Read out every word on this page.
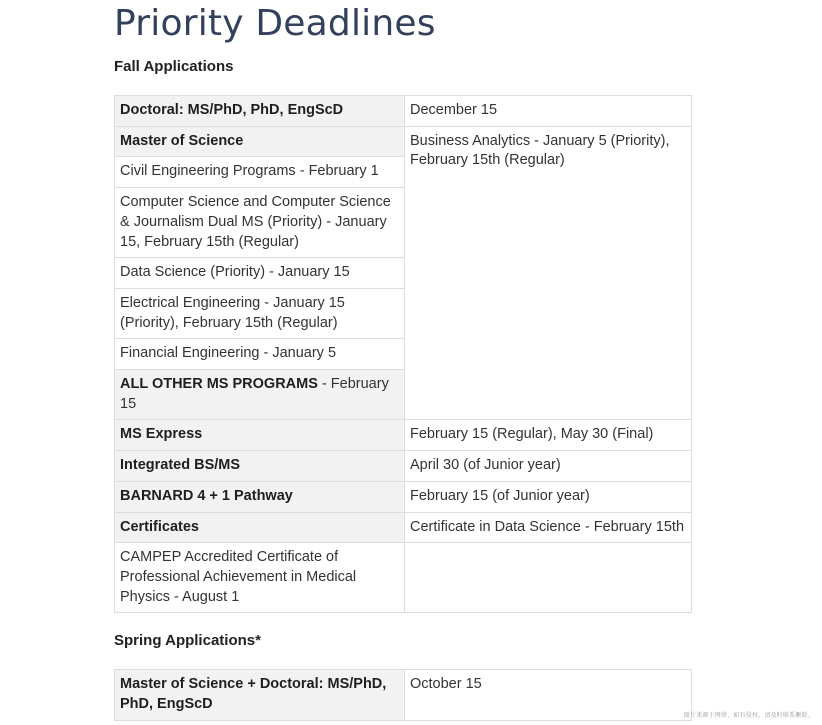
Priority Deadlines
Fall Applications
Doctoral: MS/PhD, PhD, EngScD	December 15
Master of Science	Business Analytics - January 5 (Priority), February 15th (Regular)
Civil Engineering Programs - February 1	
Computer Science and Computer Science & Journalism Dual MS (Priority) - January 15, February 15th (Regular)	
Data Science (Priority) - January 15	
Electrical Engineering - January 15 (Priority), February 15th (Regular)	
Financial Engineering - January 5	
ALL OTHER MS PROGRAMS - February 15	
MS Express	February 15 (Regular), May 30 (Final)
Integrated BS/MS	April 30 (of Junior year)
BARNARD 4 + 1 Pathway	February 15 (of Junior year)
Certificates	Certificate in Data Science - February 15th
CAMPEP Accredited Certificate of Professional Achievement in Medical Physics - August 1	
Spring Applications*
Master of Science + Doctoral: MS/PhD, PhD, EngScD	October 15
图片来源于网络，如有侵权，请及时联系删除。
